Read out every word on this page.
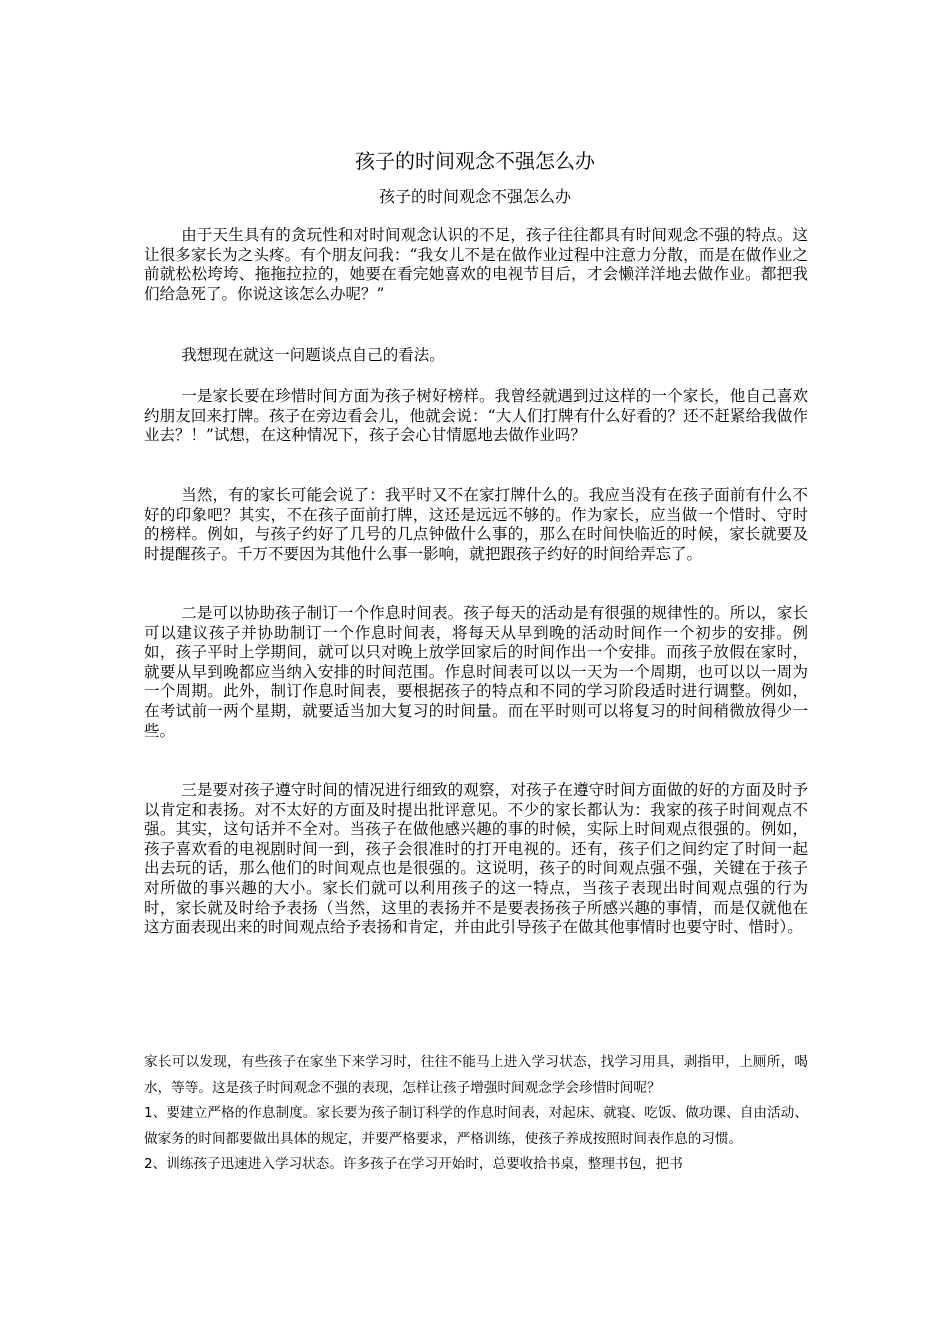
孩子的时间观念不强怎么办
孩子的时间观念不强怎么办

由于天生具有的贪玩性和对时间观念认识的不足，孩子往往都具有时间观念不强的特点。这让很多家长为之头疼。有个朋友问我：“我女儿不是在做作业过程中注意力分散，而是在做作业之前就松松垮垮、拖拖拉拉的，她要在看完她喜欢的电视节目后，才会懒洋洋地去做作业。都把我们给急死了。你说这该怎么办呢？”

我想现在就这一问题谈点自己的看法。

一是家长要在珍惜时间方面为孩子树好榜样。我曾经就遇到过这样的一个家长，他自己喜欢约朋友回来打牌。孩子在旁边看会儿，他就会说：“大人们打牌有什么好看的？还不赶紧给我做作业去？！”试想，在这种情况下，孩子会心甘情愿地去做作业吗？

当然，有的家长可能会说了：我平时又不在家打牌什么的。我应当没有在孩子面前有什么不好的印象吧？其实，不在孩子面前打牌，这还是远远不够的。作为家长，应当做一个惜时、守时的榜样。例如，与孩子约好了几号的几点钟做什么事的，那么在时间快临近的时候，家长就要及时提醒孩子。千万不要因为其他什么事一影响，就把跟孩子约好的时间给弄忘了。

二是可以协助孩子制订一个作息时间表。孩子每天的活动是有很强的规律性的。所以，家长可以建议孩子并协助制订一个作息时间表，将每天从早到晚的活动时间作一个初步的安排。例如，孩子平时上学期间，就可以只对晚上放学回家后的时间作出一个安排。而孩子放假在家时，就要从早到晚都应当纳入安排的时间范围。作息时间表可以以一天为一个周期，也可以以一周为一个周期。此外，制订作息时间表，要根据孩子的特点和不同的学习阶段适时进行调整。例如，在考试前一两个星期，就要适当加大复习的时间量。而在平时则可以将复习的时间稍微放得少一些。

三是要对孩子遵守时间的情况进行细致的观察，对孩子在遵守时间方面做的好的方面及时予以肯定和表扬。对不太好的方面及时提出批评意见。不少的家长都认为：我家的孩子时间观点不强。其实，这句话并不全对。当孩子在做他感兴趣的事的时候，实际上时间观点很强的。例如，孩子喜欢看的电视剧时间一到，孩子会很准时的打开电视的。还有，孩子们之间约定了时间一起出去玩的话，那么他们的时间观点也是很强的。这说明，孩子的时间观点强不强，关键在于孩子对所做的事兴趣的大小。家长们就可以利用孩子的这一特点，当孩子表现出时间观点强的行为时，家长就及时给予表扬（当然，这里的表扬并不是要表扬孩子所感兴趣的事情，而是仅就他在这方面表现出来的时间观点给予表扬和肯定，并由此引导孩子在做其他事情时也要守时、惜时）。

家长可以发现，有些孩子在家坐下来学习时，往往不能马上进入学习状态，找学习用具，剥指甲，上厕所，喝水，等等。这是孩子时间观念不强的表现，怎样让孩子增强时间观念学会珍惜时间呢？

1、要建立严格的作息制度。家长要为孩子制订科学的作息时间表，对起床、就寝、吃饭、做功课、自由活动、做家务的时间都要做出具体的规定，并要严格要求，严格训练，使孩子养成按照时间表作息的习惯。

2、训练孩子迅速进入学习状态。许多孩子在学习开始时，总要收拾书桌，整理书包，把书
